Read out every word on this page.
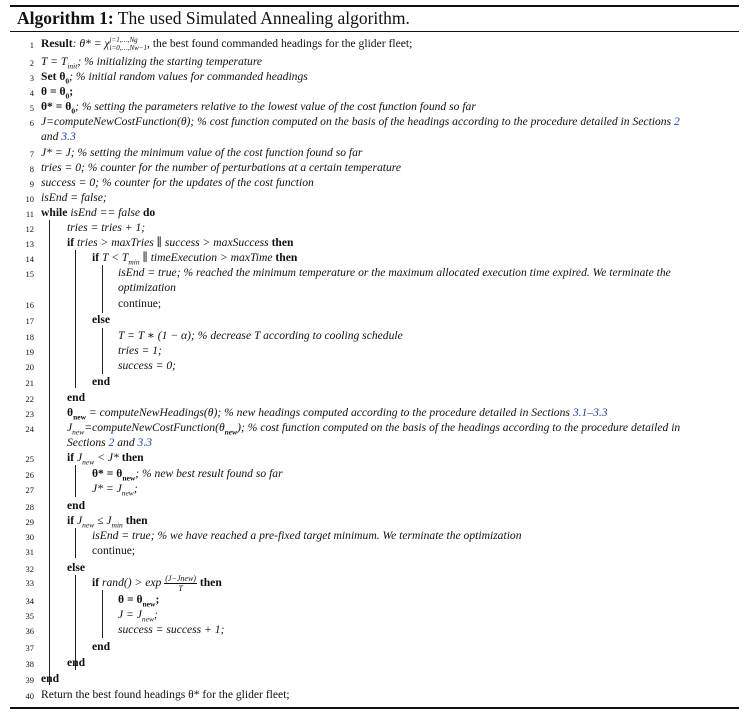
Algorithm 1: The used Simulated Annealing algorithm.
1
2
3
4
5
6
7
8
9
10
11
12
13
14
15
16
17
18
19
20
21
22
23
24
25
26
27
28
29
30
31
32
33
34
35
36
37
38
39
40
Result: θ* = χ j=1,…,Ng
i=0,…,Nw−1 , the best found commanded headings for the glider fleet;
$T = T_{init}$; % initializing the starting temperature
Set $\theta_0$; % initial random values for commanded headings
$\theta = \theta_0$;
$\theta* = \theta_0$; % setting the parameters relative to the lowest value of the cost function found so far
J=computeNewCostFunction(θ); % cost function computed on the basis of the headings according to the procedure detailed in Sections 2
and 3.3
J* = J; % setting the minimum value of the cost function found so far
tries = 0; % counter for the number of perturbations at a certain temperature
success = 0; % counter for the updates of the cost function
isEnd = false;
while isEnd == false do
tries = tries + 1;
if tries > maxTries ∥ success > maxSuccess then
if $T < T_{min}$ ∥ timeExecution > maxTime then
isEnd = true; % reached the minimum temperature or the maximum allocated execution time expired. We terminate the
optimization
continue;
else
T = T ∗ (1 − α); % decrease T according to cooling schedule
tries = 1;
success = 0;
end
end
$\theta_{new}$ = computeNewHeadings(θ); % new headings computed according to the procedure detailed in Sections 3.1–3.3
$J_{new}=computeNewCostFunction(\theta_{new})$; % cost function computed on the basis of the headings according to the procedure detailed in
Sections 2 and 3.3
if $J_{new} < J*$ then
$\theta* = \theta_{new}$; % new best result found so far
$J* = J_{new}$;
end
if $J_{new} \le J_{min}$ then
isEnd = true; % we have reached a pre-fixed target minimum. We terminate the optimization
continue;
else
if rand() > $\exp \frac{\text{(J−Jnew)}}{T}$ then
$\theta = \theta_{new}$;
$J = J_{new}$;
success = success + 1;
end
end
end
Return the best found headings θ* for the glider fleet;
